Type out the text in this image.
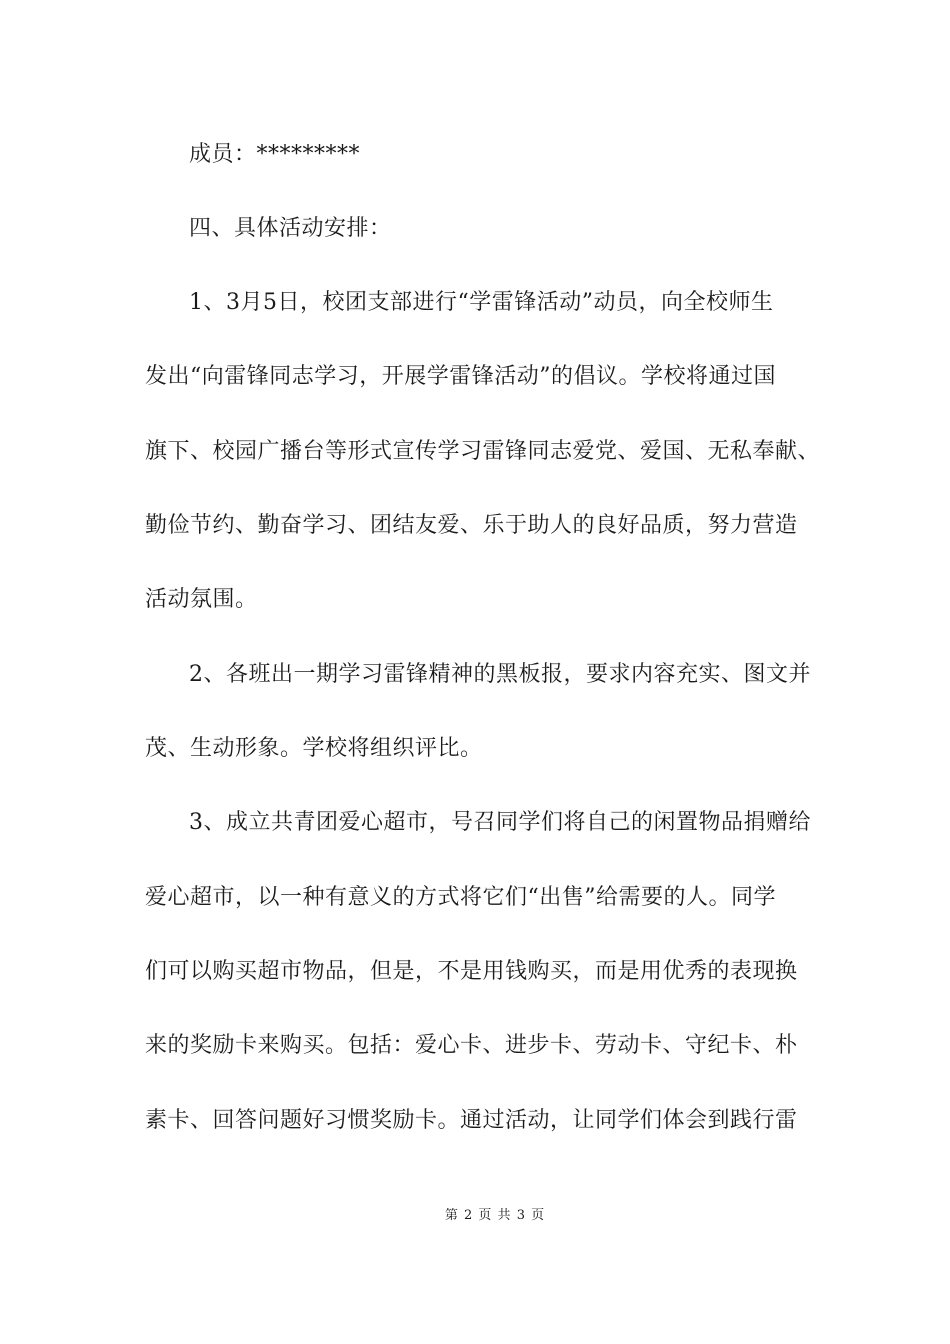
成员：*********
四、具体活动安排：
1、3月5日，校团支部进行“学雷锋活动”动员，向全校师生
发出“向雷锋同志学习，开展学雷锋活动”的倡议。学校将通过国
旗下、校园广播台等形式宣传学习雷锋同志爱党、爱国、无私奉献、
勤俭节约、勤奋学习、团结友爱、乐于助人的良好品质，努力营造
活动氛围。
2、各班出一期学习雷锋精神的黑板报，要求内容充实、图文并
茂、生动形象。学校将组织评比。
3、成立共青团爱心超市，号召同学们将自己的闲置物品捐赠给
爱心超市，以一种有意义的方式将它们“出售”给需要的人。同学
们可以购买超市物品，但是，不是用钱购买，而是用优秀的表现换
来的奖励卡来购买。包括：爱心卡、进步卡、劳动卡、守纪卡、朴
素卡、回答问题好习惯奖励卡。通过活动，让同学们体会到践行雷
第 2 页 共 3 页
